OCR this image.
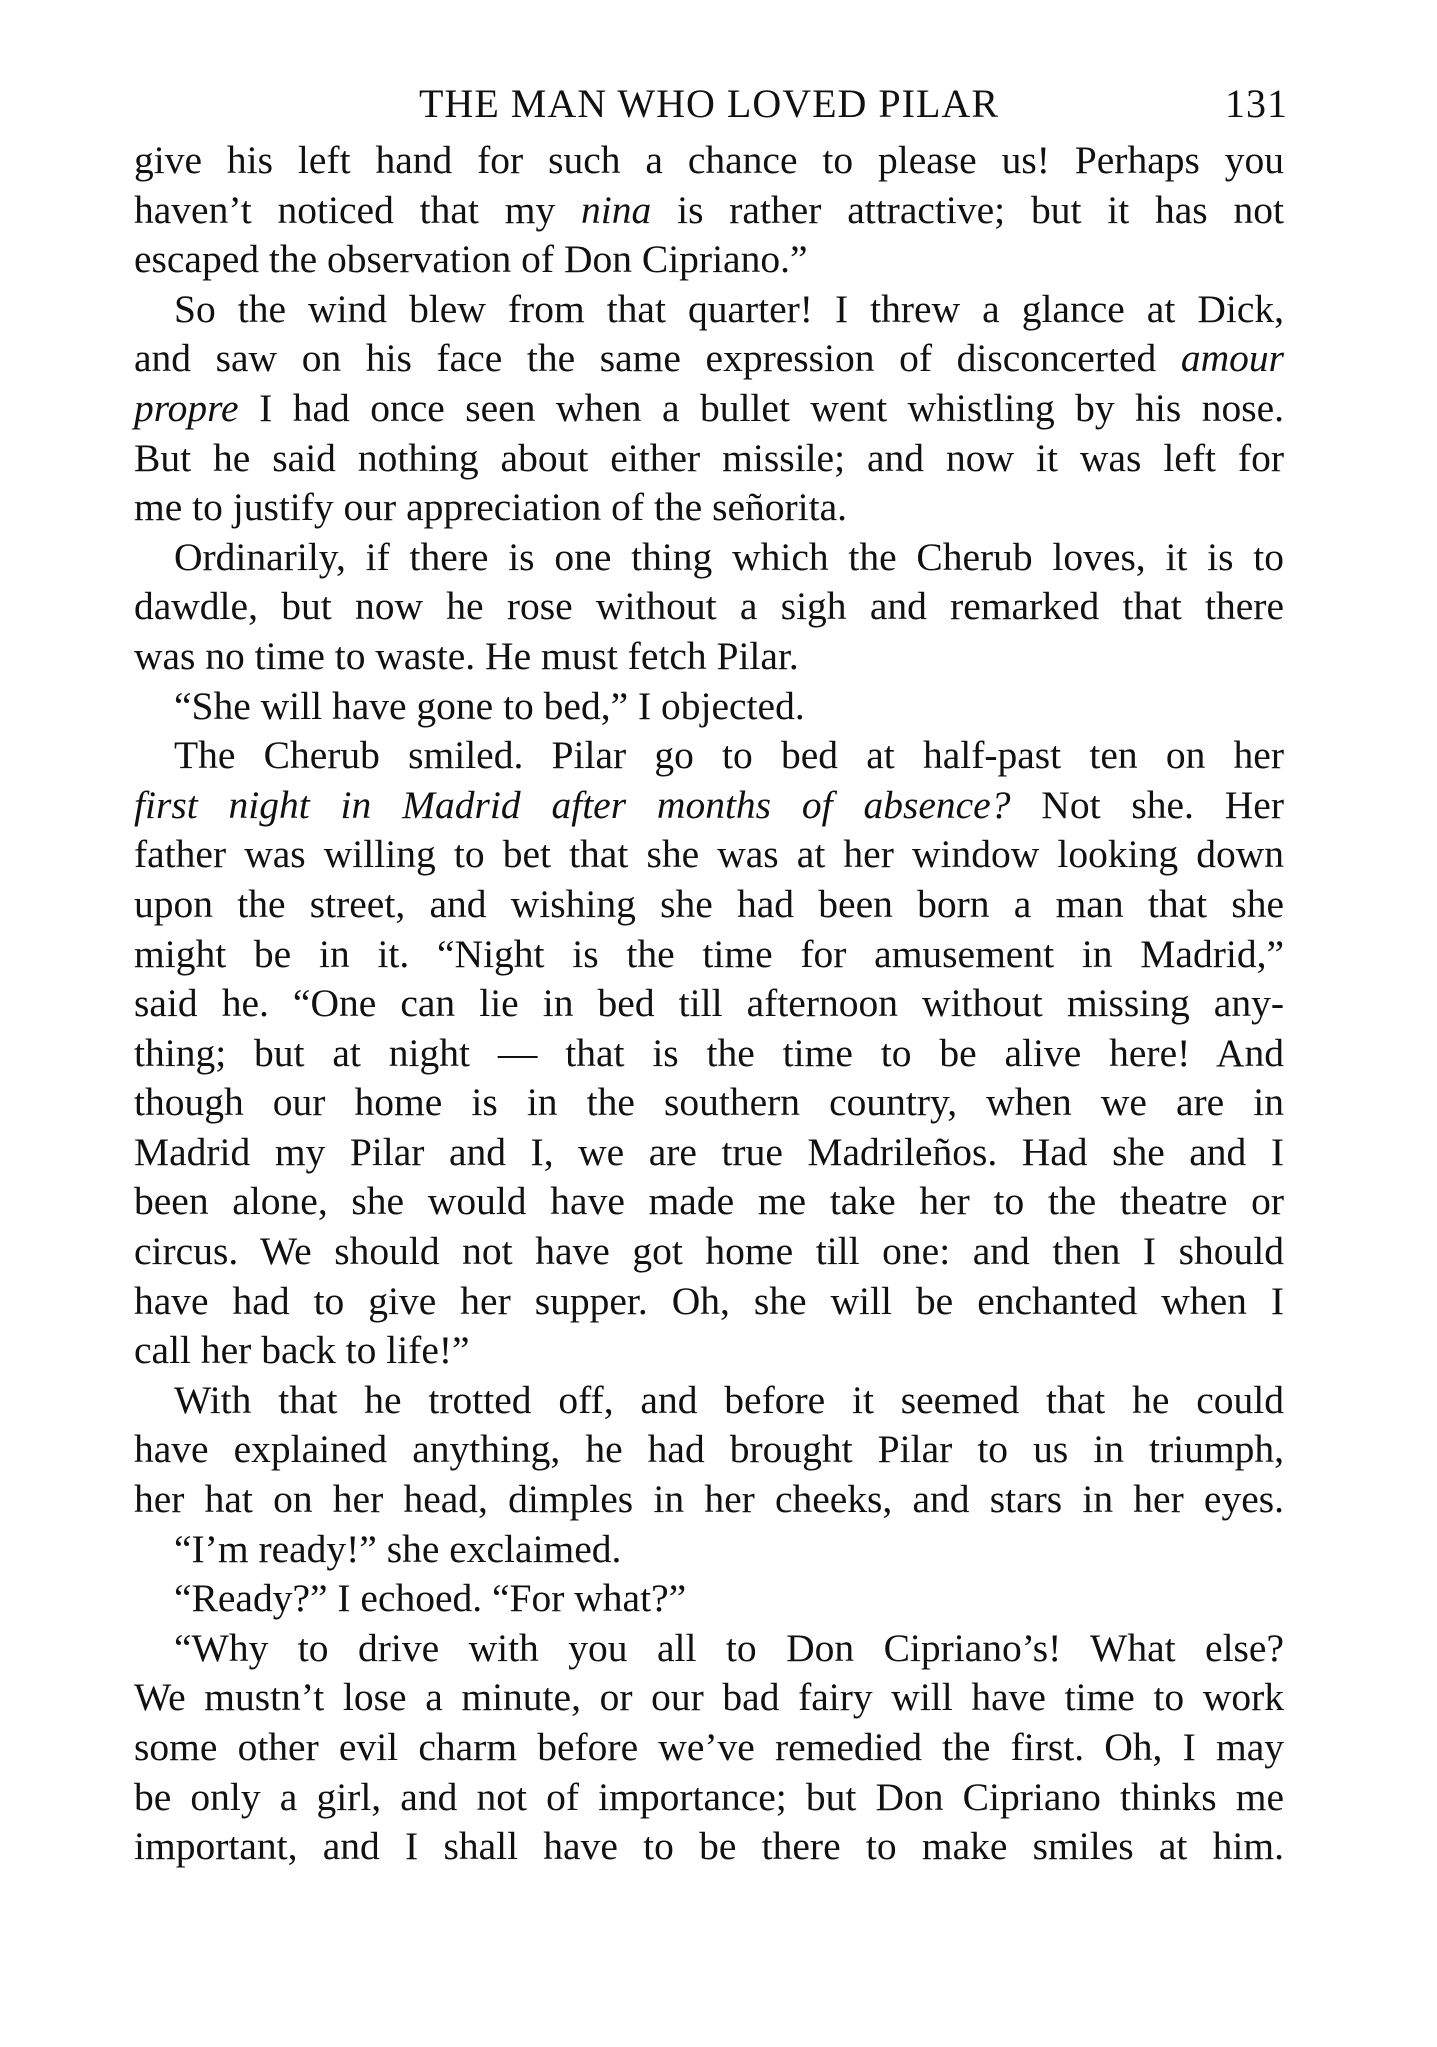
THE MAN WHO LOVED PILAR	131
give his left hand for such a chance to please us! Perhaps you
haven’t noticed that my nina is rather attractive; but it has not
escaped the observation of Don Cipriano.”
So the wind blew from that quarter! I threw a glance at Dick,
and saw on his face the same expression of disconcerted amour
propre I had once seen when a bullet went whistling by his nose.
But he said nothing about either missile; and now it was left for
me to justify our appreciation of the señorita.
Ordinarily, if there is one thing which the Cherub loves, it is to
dawdle, but now he rose without a sigh and remarked that there
was no time to waste. He must fetch Pilar.
“She will have gone to bed,” I objected.
The Cherub smiled. Pilar go to bed at half-past ten on her
first night in Madrid after months of absence? Not she. Her
father was willing to bet that she was at her window looking down
upon the street, and wishing she had been born a man that she
might be in it. “Night is the time for amusement in Madrid,”
said he. “One can lie in bed till afternoon without missing any-
thing; but at night — that is the time to be alive here! And
though our home is in the southern country, when we are in
Madrid my Pilar and I, we are true Madrileños. Had she and I
been alone, she would have made me take her to the theatre or
circus. We should not have got home till one: and then I should
have had to give her supper. Oh, she will be enchanted when I
call her back to life!”
With that he trotted off, and before it seemed that he could
have explained anything, he had brought Pilar to us in triumph,
her hat on her head, dimples in her cheeks, and stars in her eyes.
“I’m ready!” she exclaimed.
“Ready?” I echoed. “For what?”
“Why to drive with you all to Don Cipriano’s! What else?
We mustn’t lose a minute, or our bad fairy will have time to work
some other evil charm before we’ve remedied the first. Oh, I may
be only a girl, and not of importance; but Don Cipriano thinks me
important, and I shall have to be there to make smiles at him.
